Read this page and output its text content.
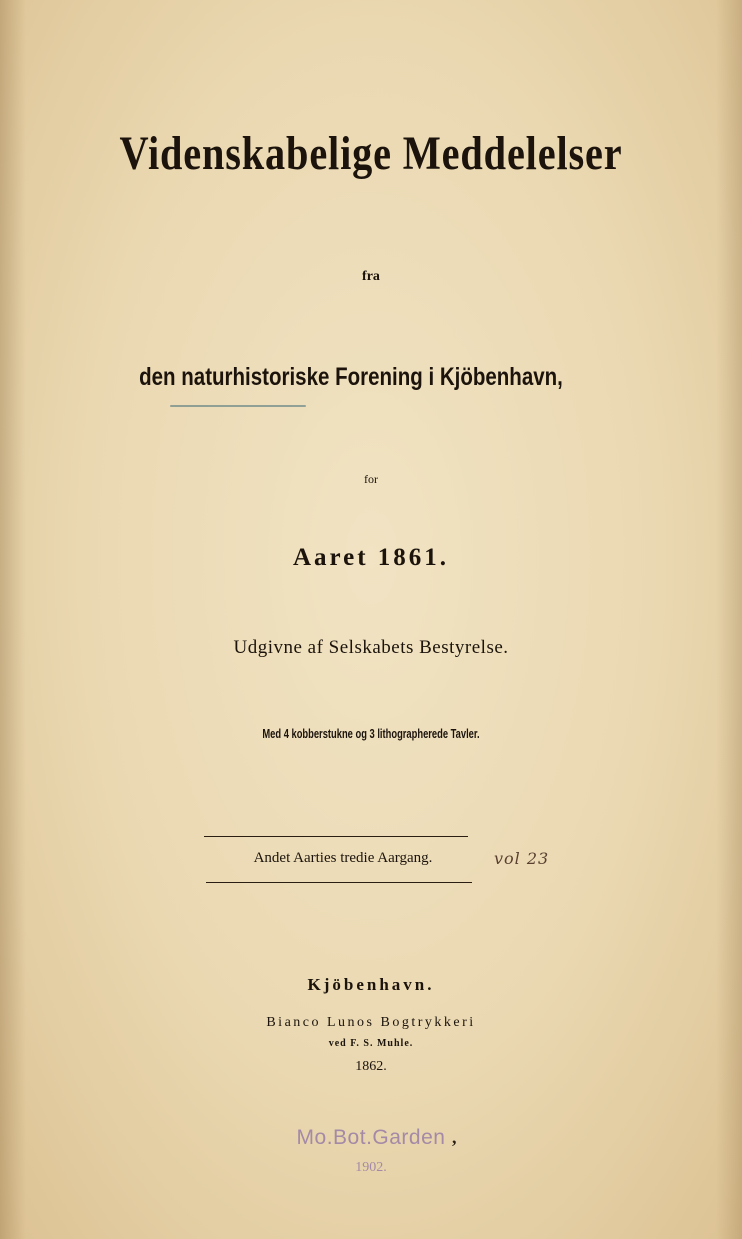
Videnskabelige Meddelelser
fra
den naturhistoriske Forening i Kjöbenhavn,
for
Aaret 1861.
Udgivne af Selskabets Bestyrelse.
Med 4 kobberstukne og 3 lithographerede Tavler.
Andet Aarties tredie Aargang.	vol 23
Kjöbenhavn.
Bianco Lunos Bogtrykkeri
ved F. S. Muhle.
1862.
Mo.Bot.Garden ,
1902.
